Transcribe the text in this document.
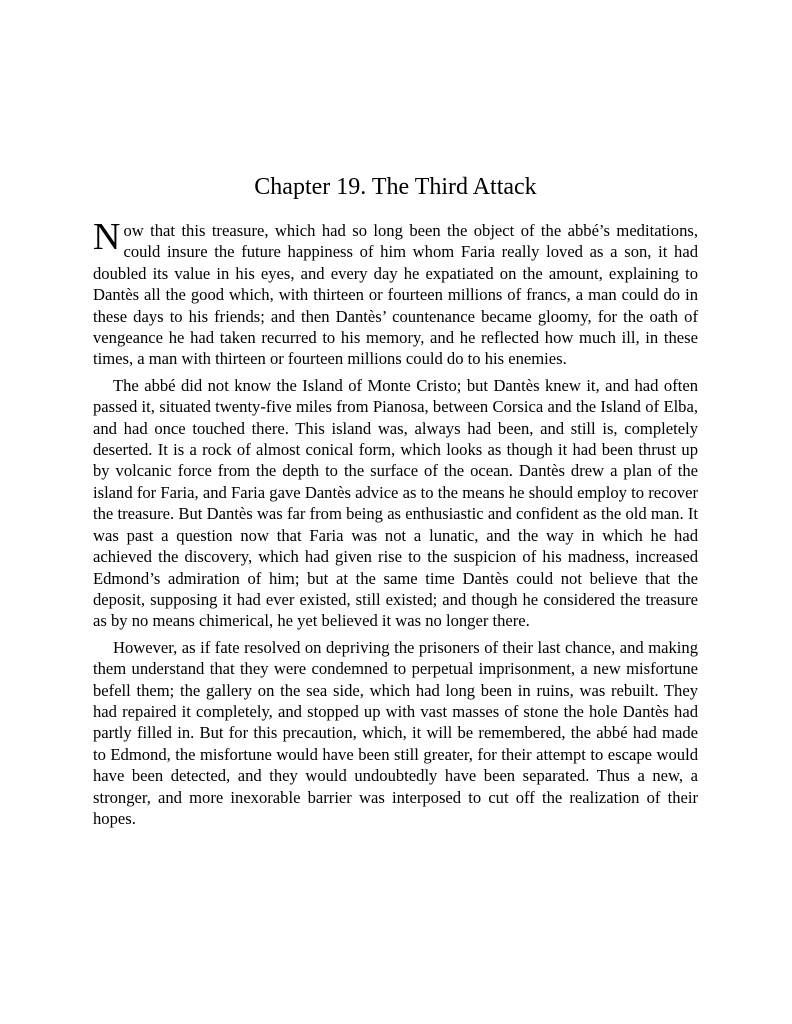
Chapter 19. The Third Attack

Now that this treasure, which had so long been the object of the abbé’s meditations, could insure the future happiness of him whom Faria really loved as a son, it had doubled its value in his eyes, and every day he expatiated on the amount, explaining to Dantès all the good which, with thirteen or fourteen millions of francs, a man could do in these days to his friends; and then Dantès’ countenance became gloomy, for the oath of vengeance he had taken recurred to his memory, and he reflected how much ill, in these times, a man with thirteen or fourteen millions could do to his enemies.

The abbé did not know the Island of Monte Cristo; but Dantès knew it, and had often passed it, situated twenty-five miles from Pianosa, between Corsica and the Island of Elba, and had once touched there. This island was, always had been, and still is, completely deserted. It is a rock of almost conical form, which looks as though it had been thrust up by volcanic force from the depth to the surface of the ocean. Dantès drew a plan of the island for Faria, and Faria gave Dantès advice as to the means he should employ to recover the treasure. But Dantès was far from being as enthusiastic and confident as the old man. It was past a question now that Faria was not a lunatic, and the way in which he had achieved the discovery, which had given rise to the suspicion of his madness, increased Edmond’s admiration of him; but at the same time Dantès could not believe that the deposit, supposing it had ever existed, still existed; and though he considered the treasure as by no means chimerical, he yet believed it was no longer there.

However, as if fate resolved on depriving the prisoners of their last chance, and making them understand that they were condemned to perpetual imprisonment, a new misfortune befell them; the gallery on the sea side, which had long been in ruins, was rebuilt. They had repaired it completely, and stopped up with vast masses of stone the hole Dantès had partly filled in. But for this precaution, which, it will be remembered, the abbé had made to Edmond, the misfortune would have been still greater, for their attempt to escape would have been detected, and they would undoubtedly have been separated. Thus a new, a stronger, and more inexorable barrier was interposed to cut off the realization of their hopes.
